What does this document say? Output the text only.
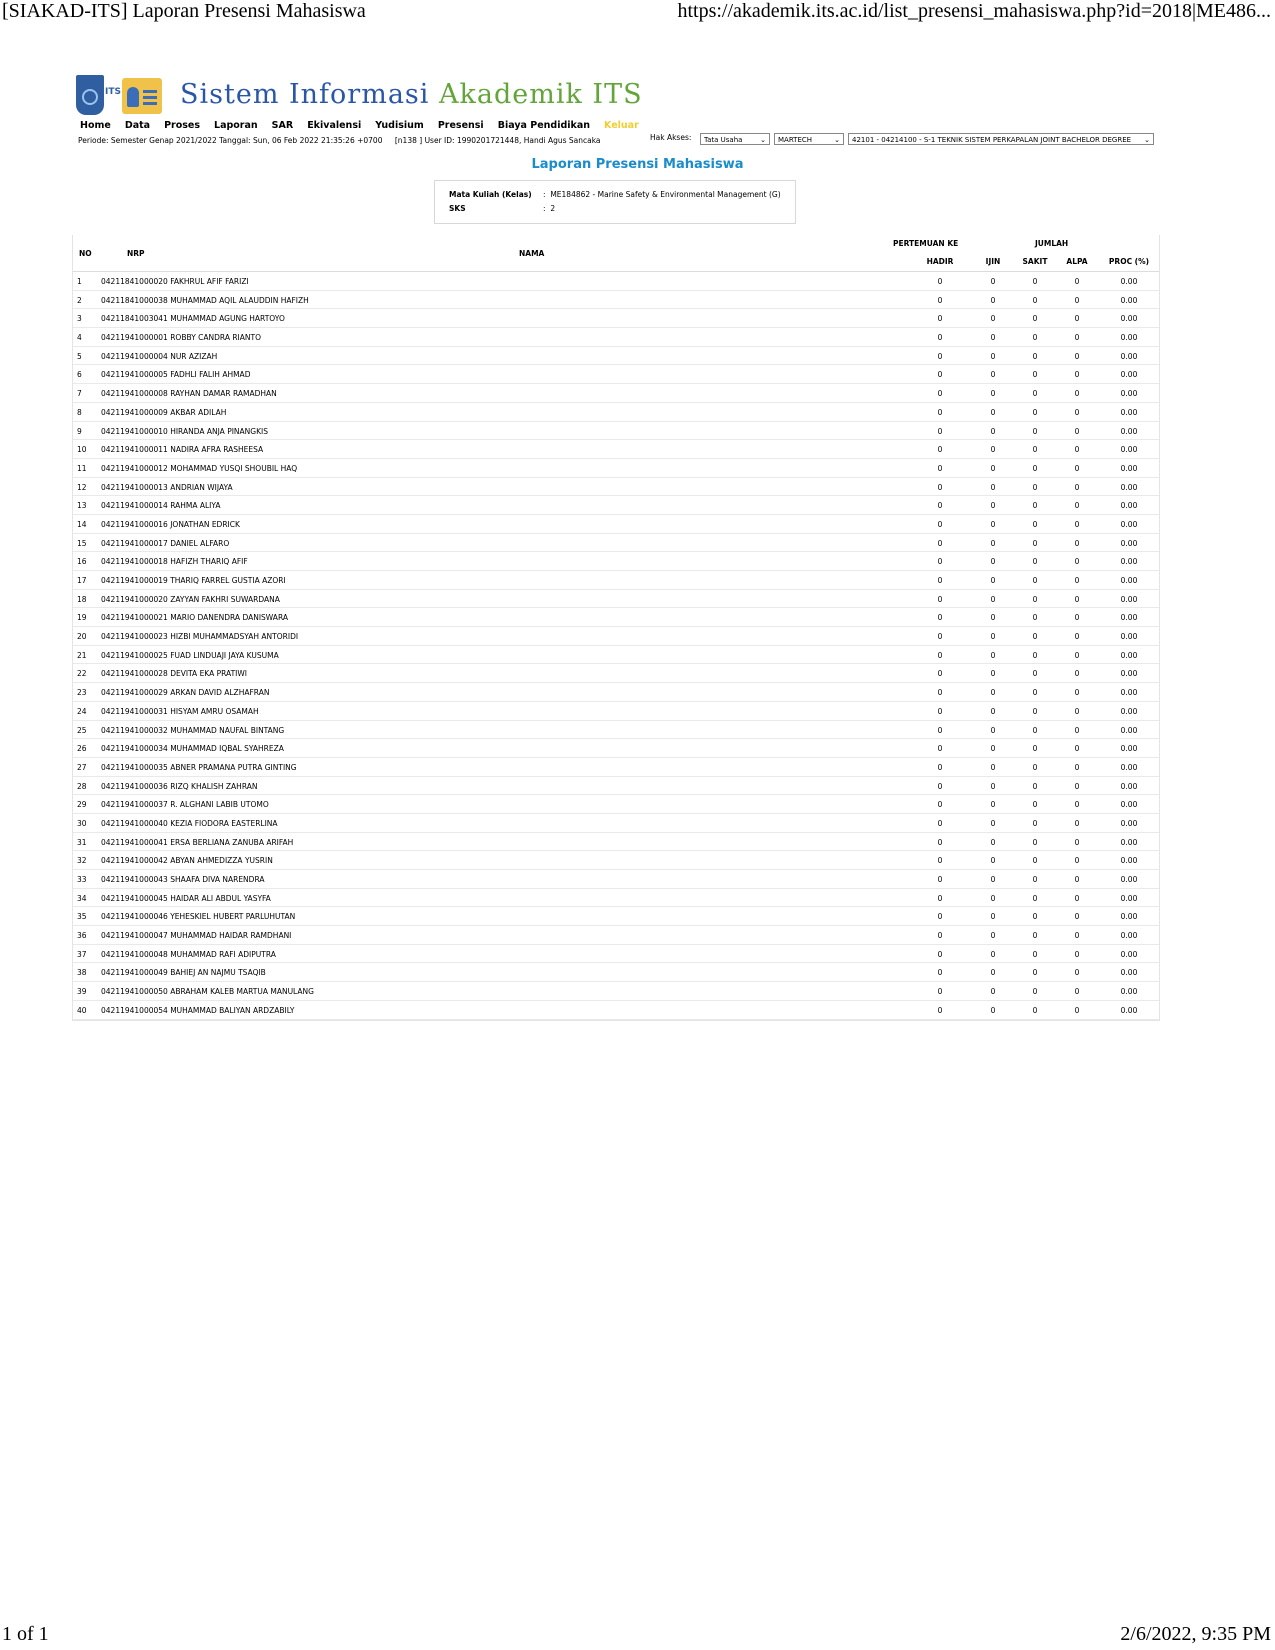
[SIAKAD-ITS] Laporan Presensi Mahasiswa	https://akademik.its.ac.id/list_presensi_mahasiswa.php?id=2018|ME486...
ITS Sistem Informasi Akademik ITS
Home Data Proses Laporan SAR Ekivalensi Yudisium Presensi Biaya Pendidikan Keluar
Periode: Semester Genap 2021/2022 Tanggal: Sun, 06 Feb 2022 21:35:26 +0700 [n138 ] User ID: 1990201721448, Handi Agus Sancaka	Hak Akses:	Tata Usaha	⌄	MARTECH	⌄	42101 - 04214100 - S-1 TEKNIK SISTEM PERKAPALAN JOINT BACHELOR DEGREE ⌄
Laporan Presensi Mahasiswa
Mata Kuliah (Kelas) : ME184862 - Marine Safety & Environmental Management (G)
SKS	: 2
NO	NRP	NAMA
PERTEMUAN KE	JUMLAH
HADIR	IJIN	SAKIT	ALPA	PROC (%)
1	04211841000020 FAKHRUL AFIF FARIZI	0	0	0	0	0.00
2	04211841000038 MUHAMMAD AQIL ALAUDDIN HAFIZH	0	0	0	0	0.00
3	04211841003041 MUHAMMAD AGUNG HARTOYO	0	0	0	0	0.00
4	04211941000001 ROBBY CANDRA RIANTO	0	0	0	0	0.00
5	04211941000004 NUR AZIZAH	0	0	0	0	0.00
6	04211941000005 FADHLI FALIH AHMAD	0	0	0	0	0.00
7	04211941000008 RAYHAN DAMAR RAMADHAN	0	0	0	0	0.00
8	04211941000009 AKBAR ADILAH	0	0	0	0	0.00
9	04211941000010 HIRANDA ANJA PINANGKIS	0	0	0	0	0.00
10 04211941000011 NADIRA AFRA RASHEESA	0	0	0	0	0.00
11 04211941000012 MOHAMMAD YUSQI SHOUBIL HAQ	0	0	0	0	0.00
12 04211941000013 ANDRIAN WIJAYA	0	0	0	0	0.00
13 04211941000014 RAHMA ALIYA	0	0	0	0	0.00
14 04211941000016 JONATHAN EDRICK	0	0	0	0	0.00
15 04211941000017 DANIEL ALFARO	0	0	0	0	0.00
16 04211941000018 HAFIZH THARIQ AFIF	0	0	0	0	0.00
17 04211941000019 THARIQ FARREL GUSTIA AZORI	0	0	0	0	0.00
18 04211941000020 ZAYYAN FAKHRI SUWARDANA	0	0	0	0	0.00
19 04211941000021 MARIO DANENDRA DANISWARA	0	0	0	0	0.00
20 04211941000023 HIZBI MUHAMMADSYAH ANTORIDI	0	0	0	0	0.00
21 04211941000025 FUAD LINDUAJI JAYA KUSUMA	0	0	0	0	0.00
22 04211941000028 DEVITA EKA PRATIWI	0	0	0	0	0.00
23 04211941000029 ARKAN DAVID ALZHAFRAN	0	0	0	0	0.00
24 04211941000031 HISYAM AMRU OSAMAH	0	0	0	0	0.00
25 04211941000032 MUHAMMAD NAUFAL BINTANG	0	0	0	0	0.00
26 04211941000034 MUHAMMAD IQBAL SYAHREZA	0	0	0	0	0.00
27 04211941000035 ABNER PRAMANA PUTRA GINTING	0	0	0	0	0.00
28 04211941000036 RIZQ KHALISH ZAHRAN	0	0	0	0	0.00
29 04211941000037 R. ALGHANI LABIB UTOMO	0	0	0	0	0.00
30 04211941000040 KEZIA FIODORA EASTERLINA	0	0	0	0	0.00
31 04211941000041 ERSA BERLIANA ZANUBA ARIFAH	0	0	0	0	0.00
32 04211941000042 ABYAN AHMEDIZZA YUSRIN	0	0	0	0	0.00
33 04211941000043 SHAAFA DIVA NARENDRA	0	0	0	0	0.00
34 04211941000045 HAIDAR ALI ABDUL YASYFA	0	0	0	0	0.00
35 04211941000046 YEHESKIEL HUBERT PARLUHUTAN	0	0	0	0	0.00
36 04211941000047 MUHAMMAD HAIDAR RAMDHANI	0	0	0	0	0.00
37 04211941000048 MUHAMMAD RAFI ADIPUTRA	0	0	0	0	0.00
38 04211941000049 BAHIEJ AN NAJMU TSAQIB	0	0	0	0	0.00
39 04211941000050 ABRAHAM KALEB MARTUA MANULANG	0	0	0	0	0.00
40 04211941000054 MUHAMMAD BALIYAN ARDZABILY	0	0	0	0	0.00
1 of 1	2/6/2022, 9:35 PM
